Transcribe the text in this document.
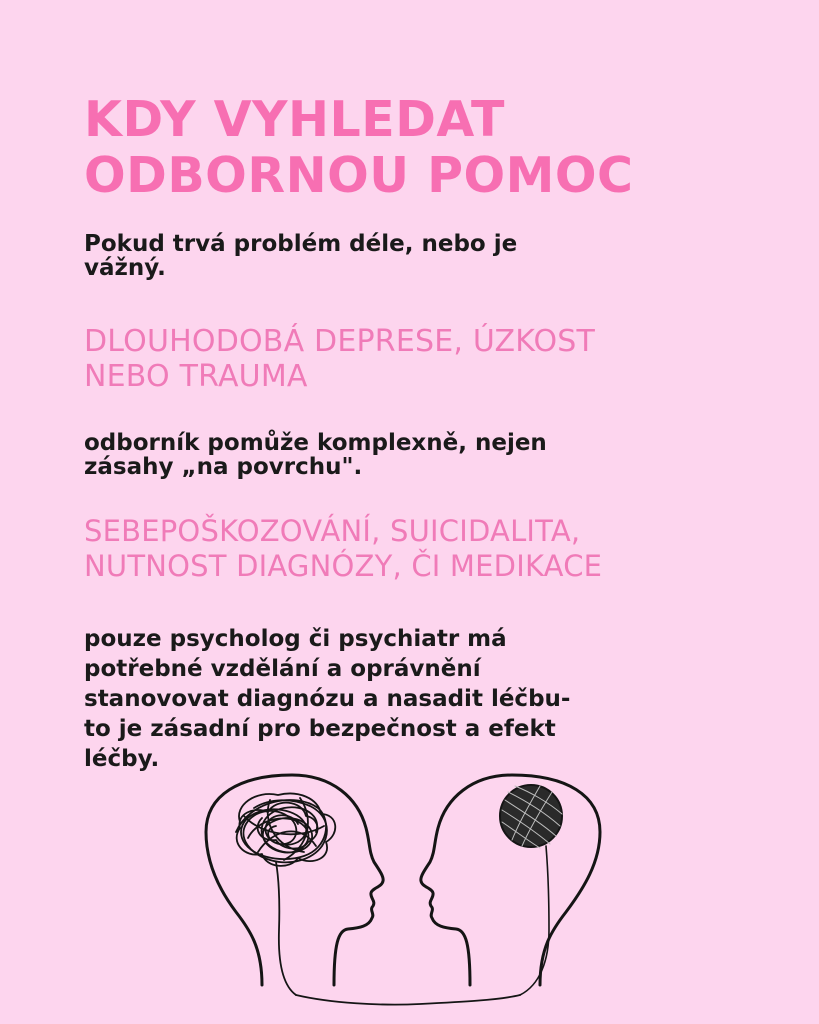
KDY VYHLEDAT
ODBORNOU POMOC

Pokud trvá problém déle, nebo je
vážný.

DLOUHODOBÁ DEPRESE, ÚZKOST
NEBO TRAUMA

odborník pomůže komplexně, nejen
zásahy „na povrchu".

SEBEPOŠKOZOVÁNÍ, SUICIDALITA,
NUTNOST DIAGNÓZY, ČI MEDIKACE

pouze psycholog či psychiatr má
potřebné vzdělání a oprávnění
stanovovat diagnózu a nasadit léčbu-
to je zásadní pro bezpečnost a efekt
léčby.
